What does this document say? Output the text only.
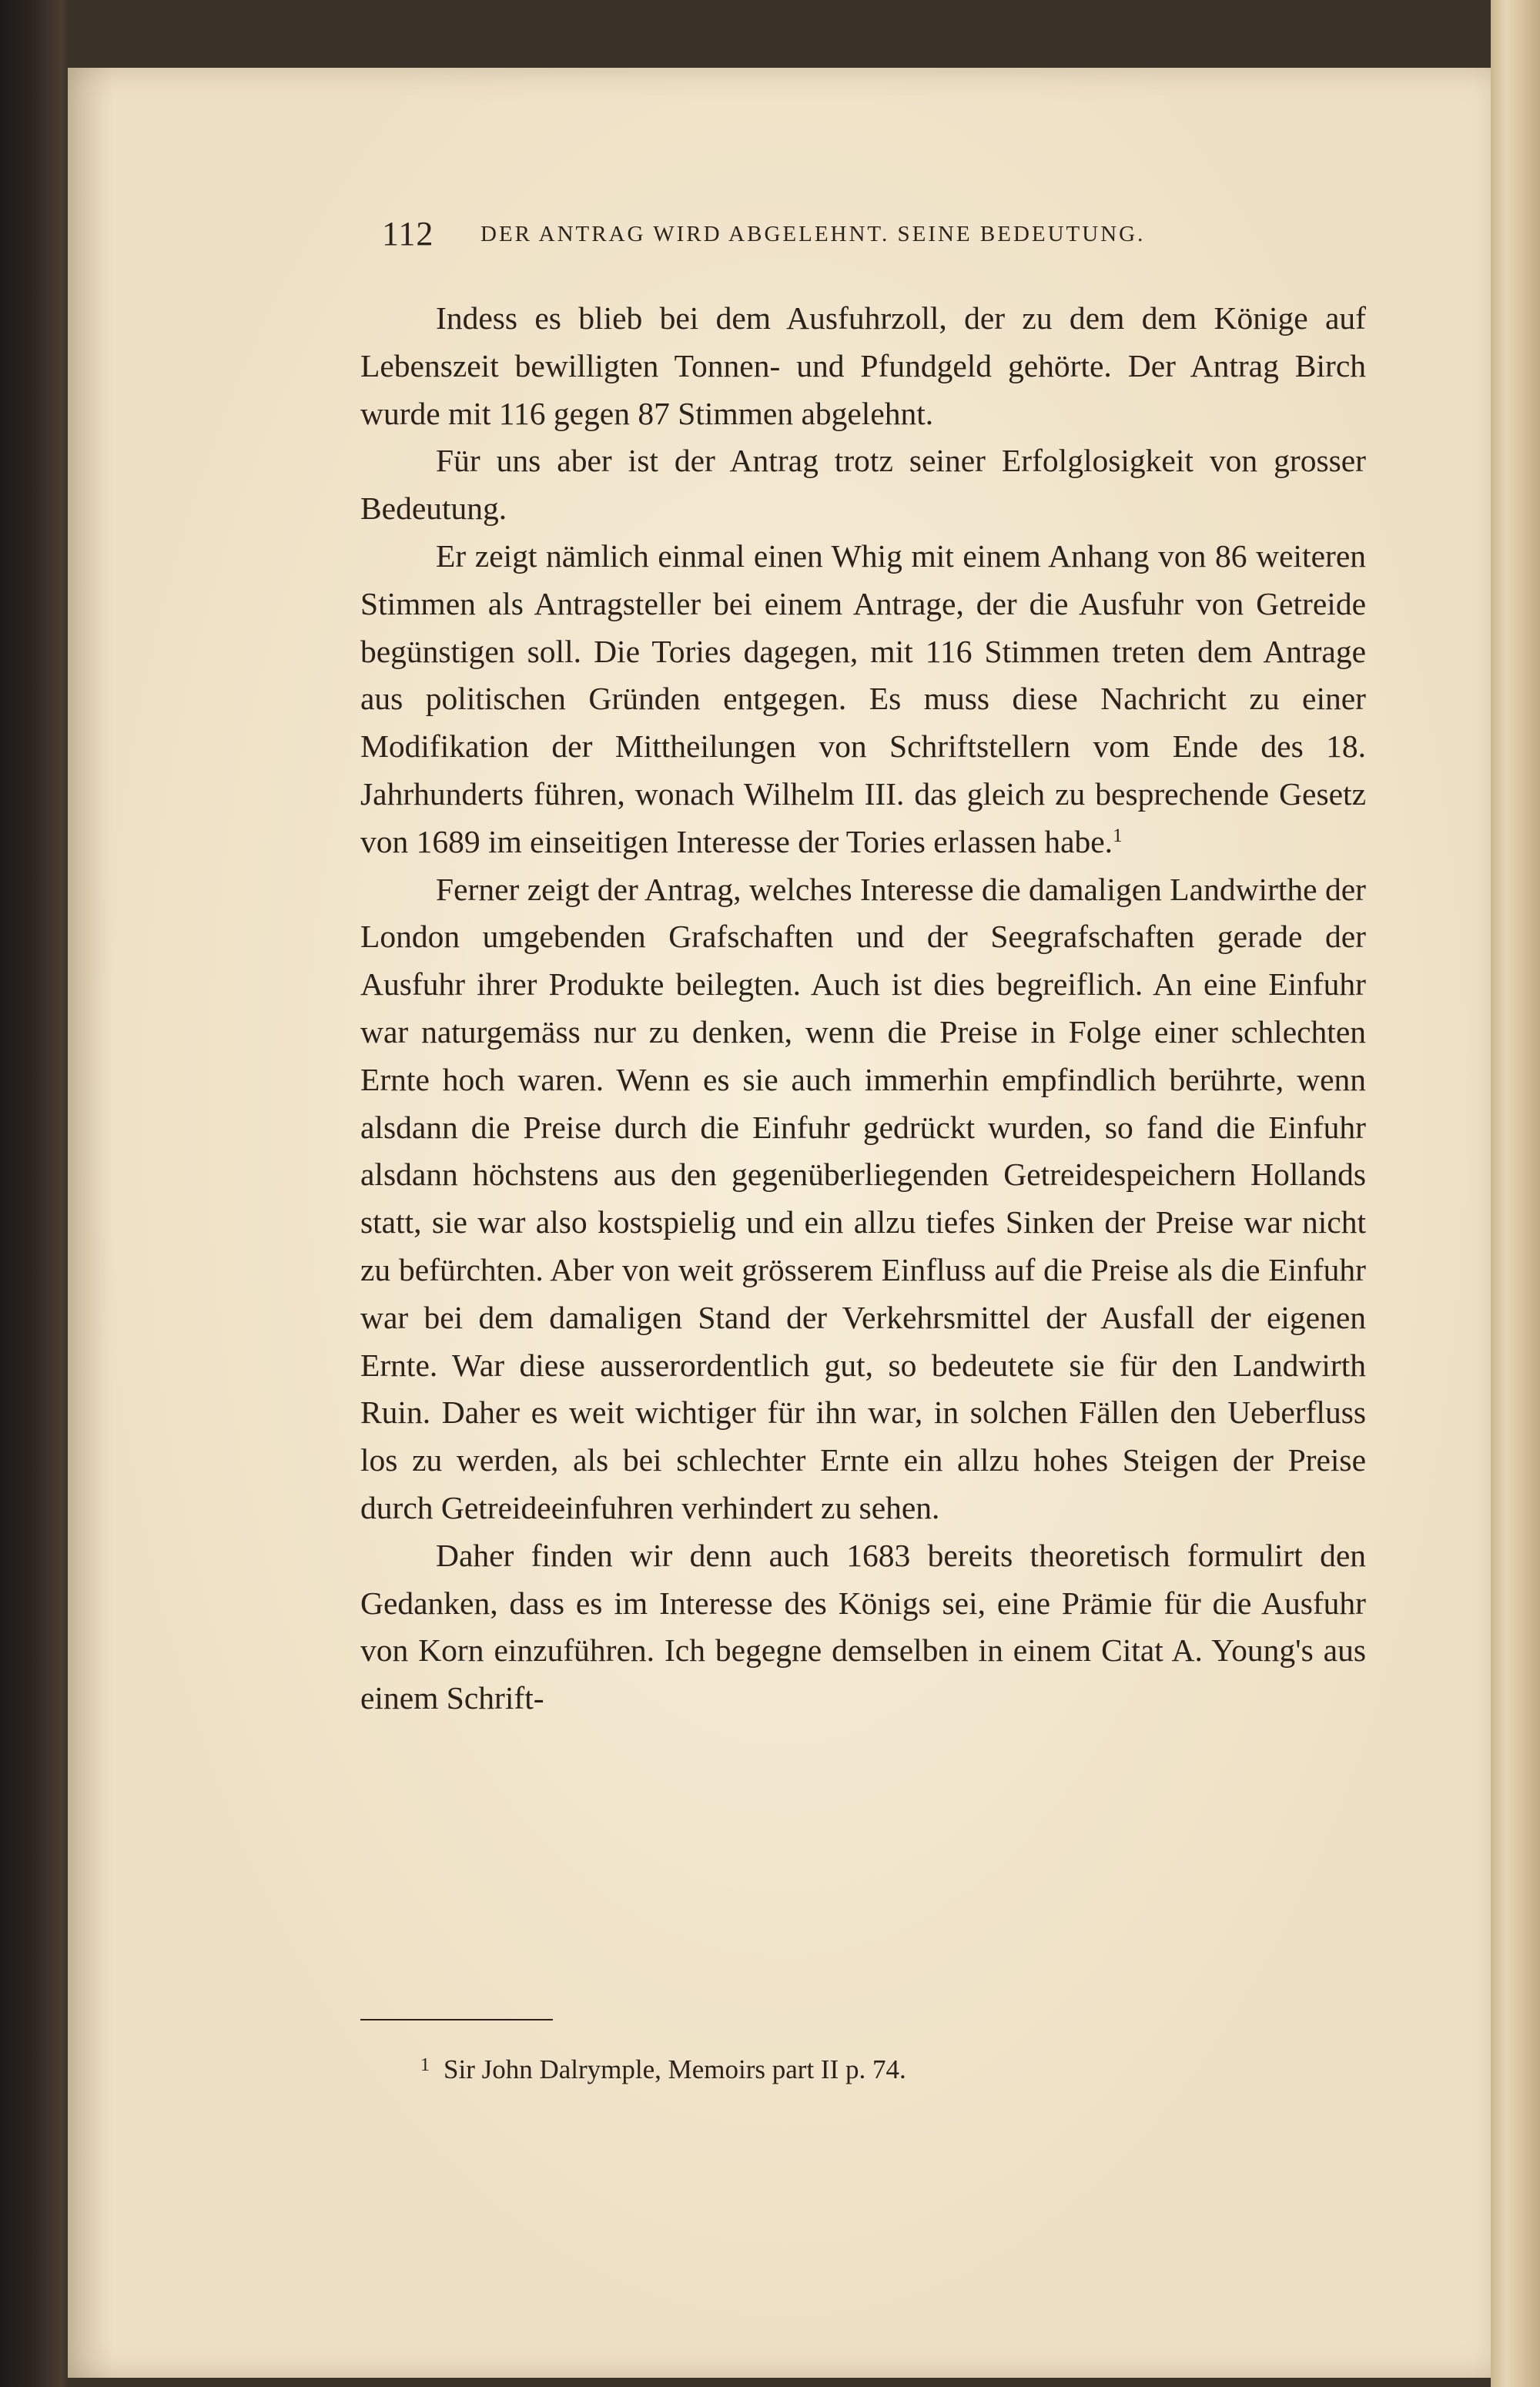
112 DER ANTRAG WIRD ABGELEHNT. SEINE BEDEUTUNG.

Indess es blieb bei dem Ausfuhrzoll, der zu dem dem Könige auf Lebenszeit bewilligten Tonnen- und Pfundgeld gehörte. Der Antrag Birch wurde mit 116 gegen 87 Stimmen abgelehnt.

Für uns aber ist der Antrag trotz seiner Erfolglosigkeit von grosser Bedeutung.

Er zeigt nämlich einmal einen Whig mit einem Anhang von 86 weiteren Stimmen als Antragsteller bei einem Antrage, der die Ausfuhr von Getreide begünstigen soll. Die Tories dagegen, mit 116 Stimmen treten dem Antrage aus politischen Gründen entgegen. Es muss diese Nachricht zu einer Modifikation der Mittheilungen von Schriftstellern vom Ende des 18. Jahrhunderts führen, wonach Wilhelm III. das gleich zu besprechende Gesetz von 1689 im einseitigen Interesse der Tories erlassen habe.$^1$

Ferner zeigt der Antrag, welches Interesse die damaligen Landwirthe der London umgebenden Grafschaften und der Seegrafschaften gerade der Ausfuhr ihrer Produkte beilegten. Auch ist dies begreiflich. An eine Einfuhr war naturgemäss nur zu denken, wenn die Preise in Folge einer schlechten Ernte hoch waren. Wenn es sie auch immerhin empfindlich berührte, wenn alsdann die Preise durch die Einfuhr gedrückt wurden, so fand die Einfuhr alsdann höchstens aus den gegenüberliegenden Getreidespeichern Hollands statt, sie war also kostspielig und ein allzu tiefes Sinken der Preise war nicht zu befürchten. Aber von weit grösserem Einfluss auf die Preise als die Einfuhr war bei dem damaligen Stand der Verkehrsmittel der Ausfall der eigenen Ernte. War diese ausserordentlich gut, so bedeutete sie für den Landwirth Ruin. Daher es weit wichtiger für ihn war, in solchen Fällen den Ueberfluss los zu werden, als bei schlechter Ernte ein allzu hohes Steigen der Preise durch Getreideeinfuhren verhindert zu sehen.

Daher finden wir denn auch 1683 bereits theoretisch formulirt den Gedanken, dass es im Interesse des Königs sei, eine Prämie für die Ausfuhr von Korn einzuführen. Ich begegne demselben in einem Citat A. Young's aus einem Schrift-

$^1$ Sir John Dalrymple, Memoirs part II p. 74.
